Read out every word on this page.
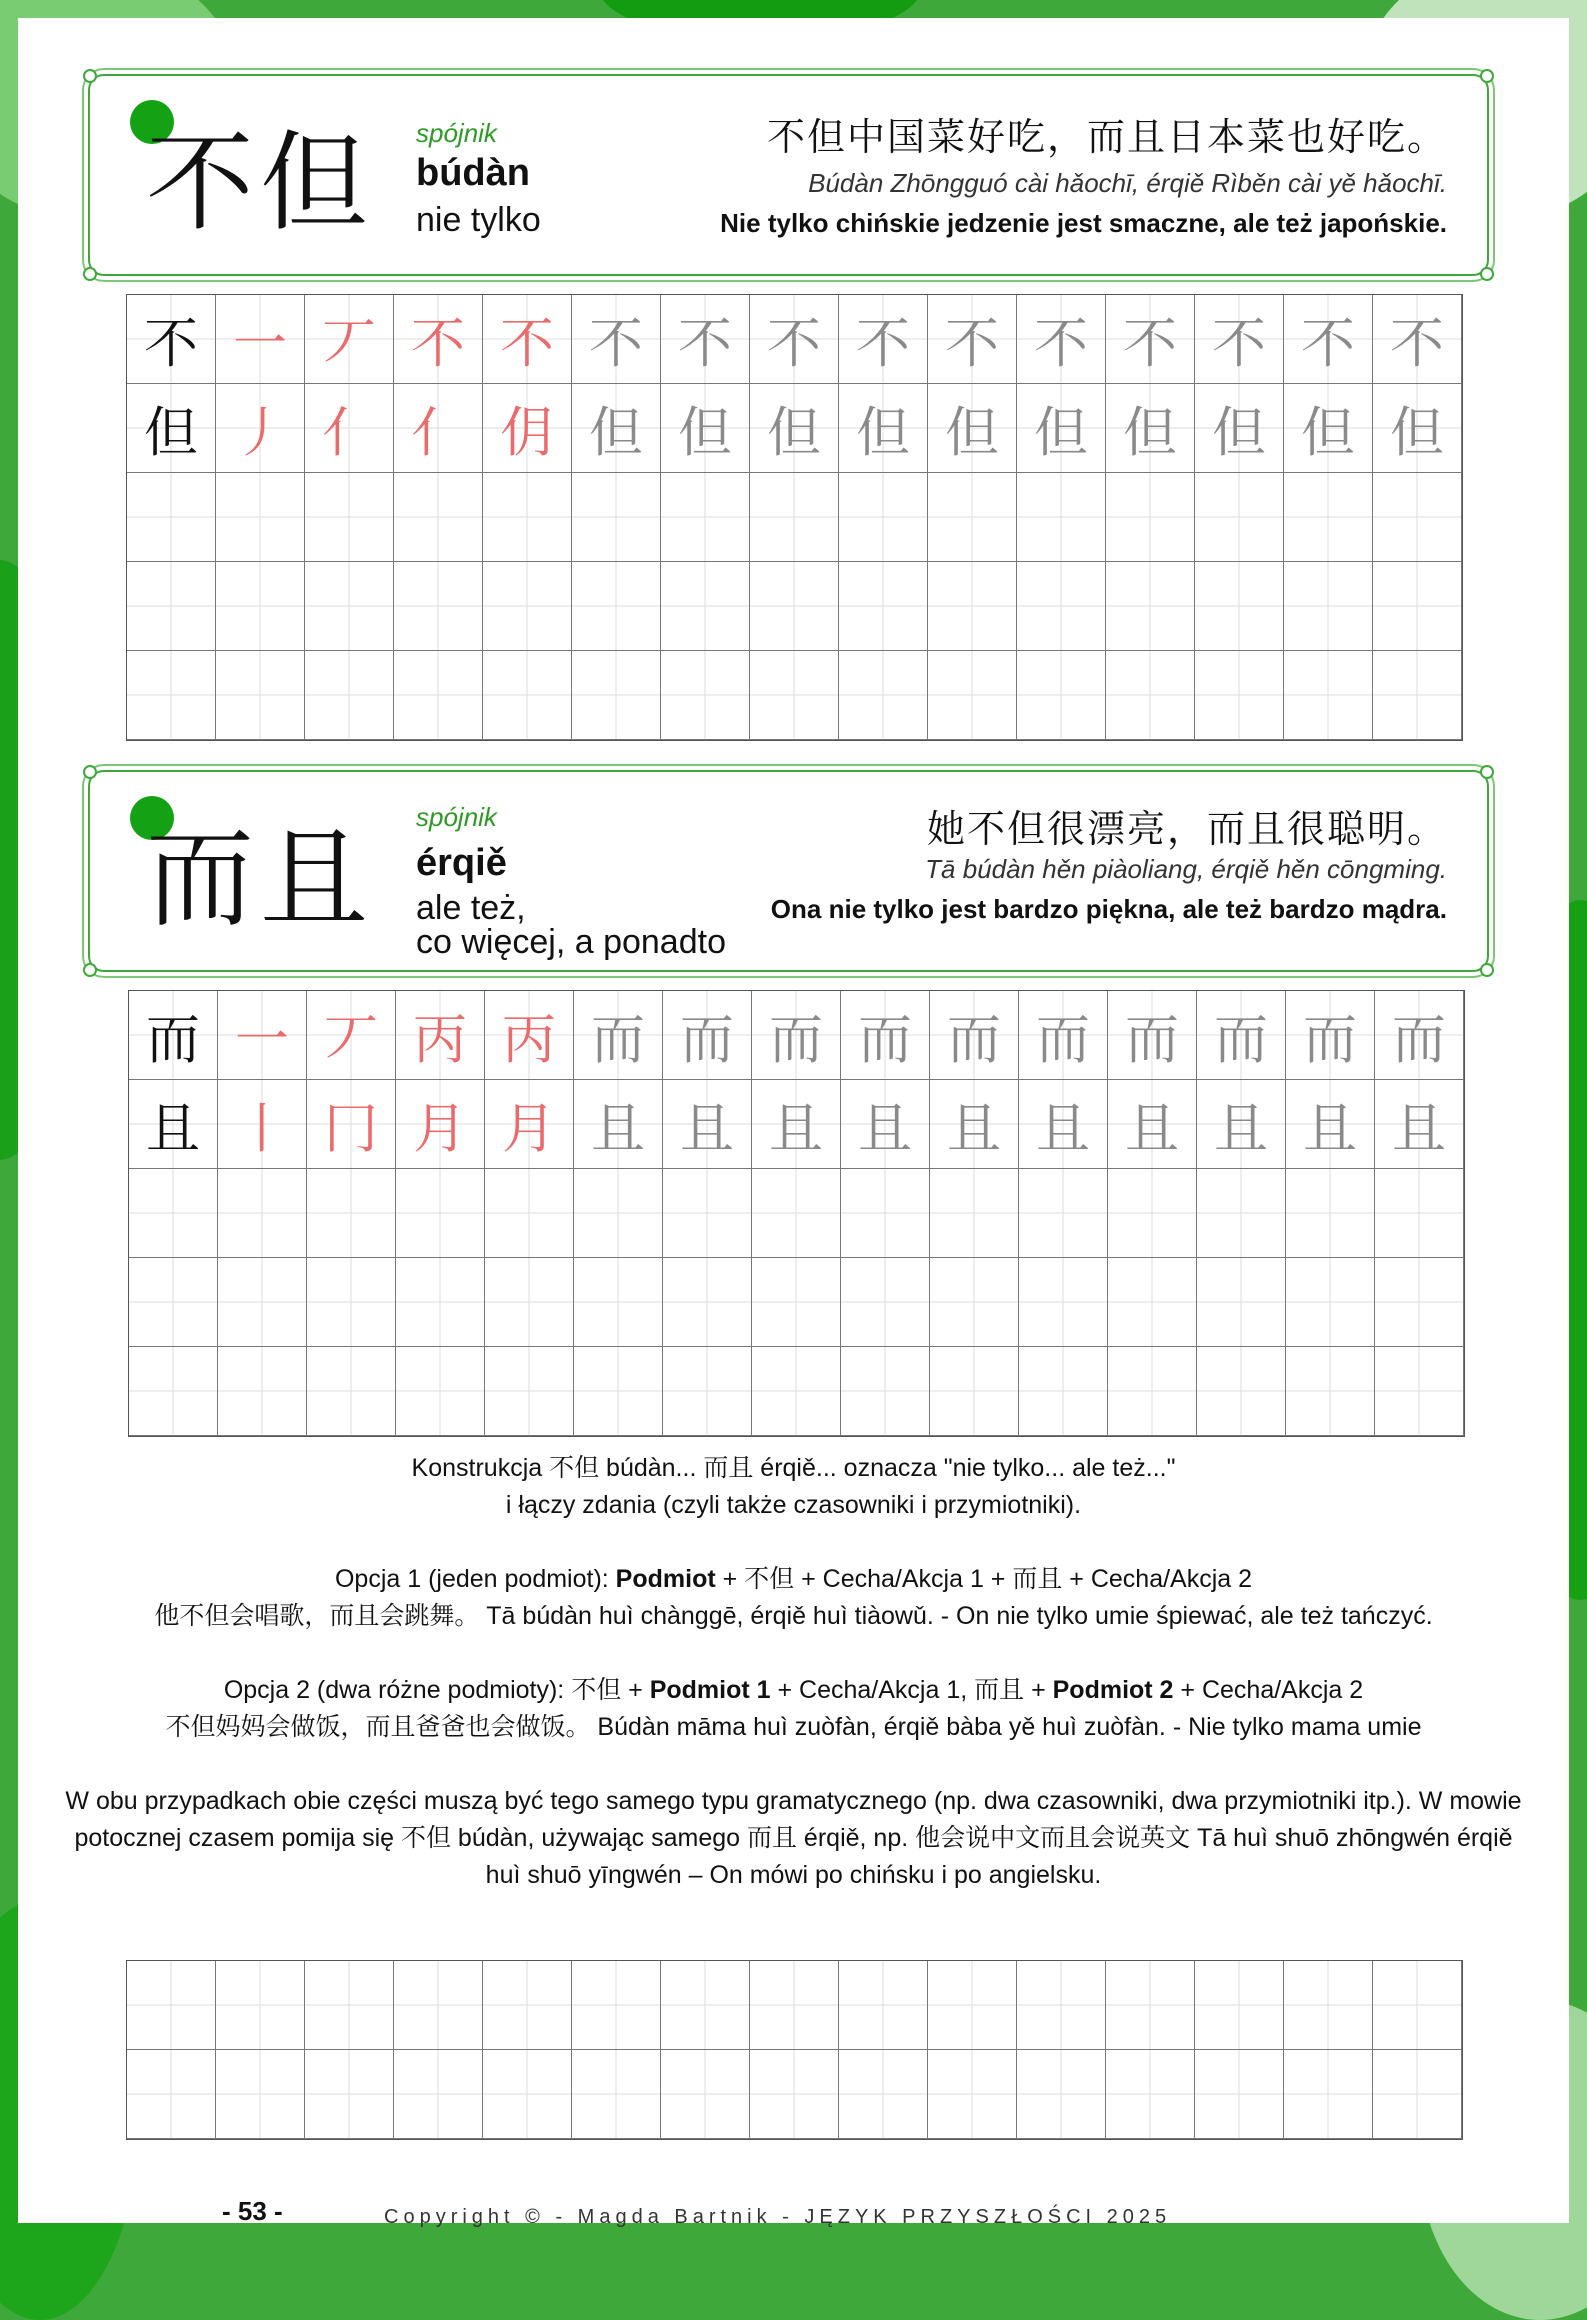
不但 spójnik
búdàn
nie tylko
不但中国菜好吃，而且日本菜也好吃。
Búdàn Zhōngguó cài hǎochī, érqiě Rìběn cài yě hǎochī.
Nie tylko chińskie jedzenie jest smaczne, ale też japońskie.
不 一 丆 不 不 不 不 不 不 不 不 不 不 不 不
但 丿 亻 亻 仴 但 但 但 但 但 但 但 但 但 但
而且 spójnik
érqiě
ale też,
co więcej, a ponadto
她不但很漂亮，而且很聪明。
Tā búdàn hěn piàoliang, érqiě hěn cōngming.
Ona nie tylko jest bardzo piękna, ale też bardzo mądra.
而 一 丆 丙 丙 而 而 而 而 而 而 而 而 而 而
且 丨 冂 月 月 且 且 且 且 且 且 且 且 且 且

Konstrukcja 不但 búdàn... 而且 érqiě... oznacza "nie tylko... ale też..."

i łączy zdania (czyli także czasowniki i przymiotniki).

Opcja 1 (jeden podmiot): Podmiot + 不但 + Cecha/Akcja 1 + 而且 + Cecha/Akcja 2

他不但会唱歌，而且会跳舞。 Tā búdàn huì chànggē, érqiě huì tiàowǔ. - On nie tylko umie śpiewać, ale też tańczyć.

Opcja 2 (dwa różne podmioty): 不但 + Podmiot 1 + Cecha/Akcja 1, 而且 + Podmiot 2 + Cecha/Akcja 2

不但妈妈会做饭，而且爸爸也会做饭。 Búdàn māma huì zuòfàn, érqiě bàba yě huì zuòfàn. - Nie tylko mama umie

W obu przypadkach obie części muszą być tego samego typu gramatycznego (np. dwa czasowniki, dwa przymiotniki itp.). W mowie potocznej czasem pomija się 不但 búdàn, używając samego 而且 érqiě, np. 他会说中文而且会说英文 Tā huì shuō zhōngwén érqiě huì shuō yīngwén – On mówi po chińsku i po angielsku.

- 53 -	Copyright © - Magda Bartnik - JĘZYK PRZYSZŁOŚCI 2025
